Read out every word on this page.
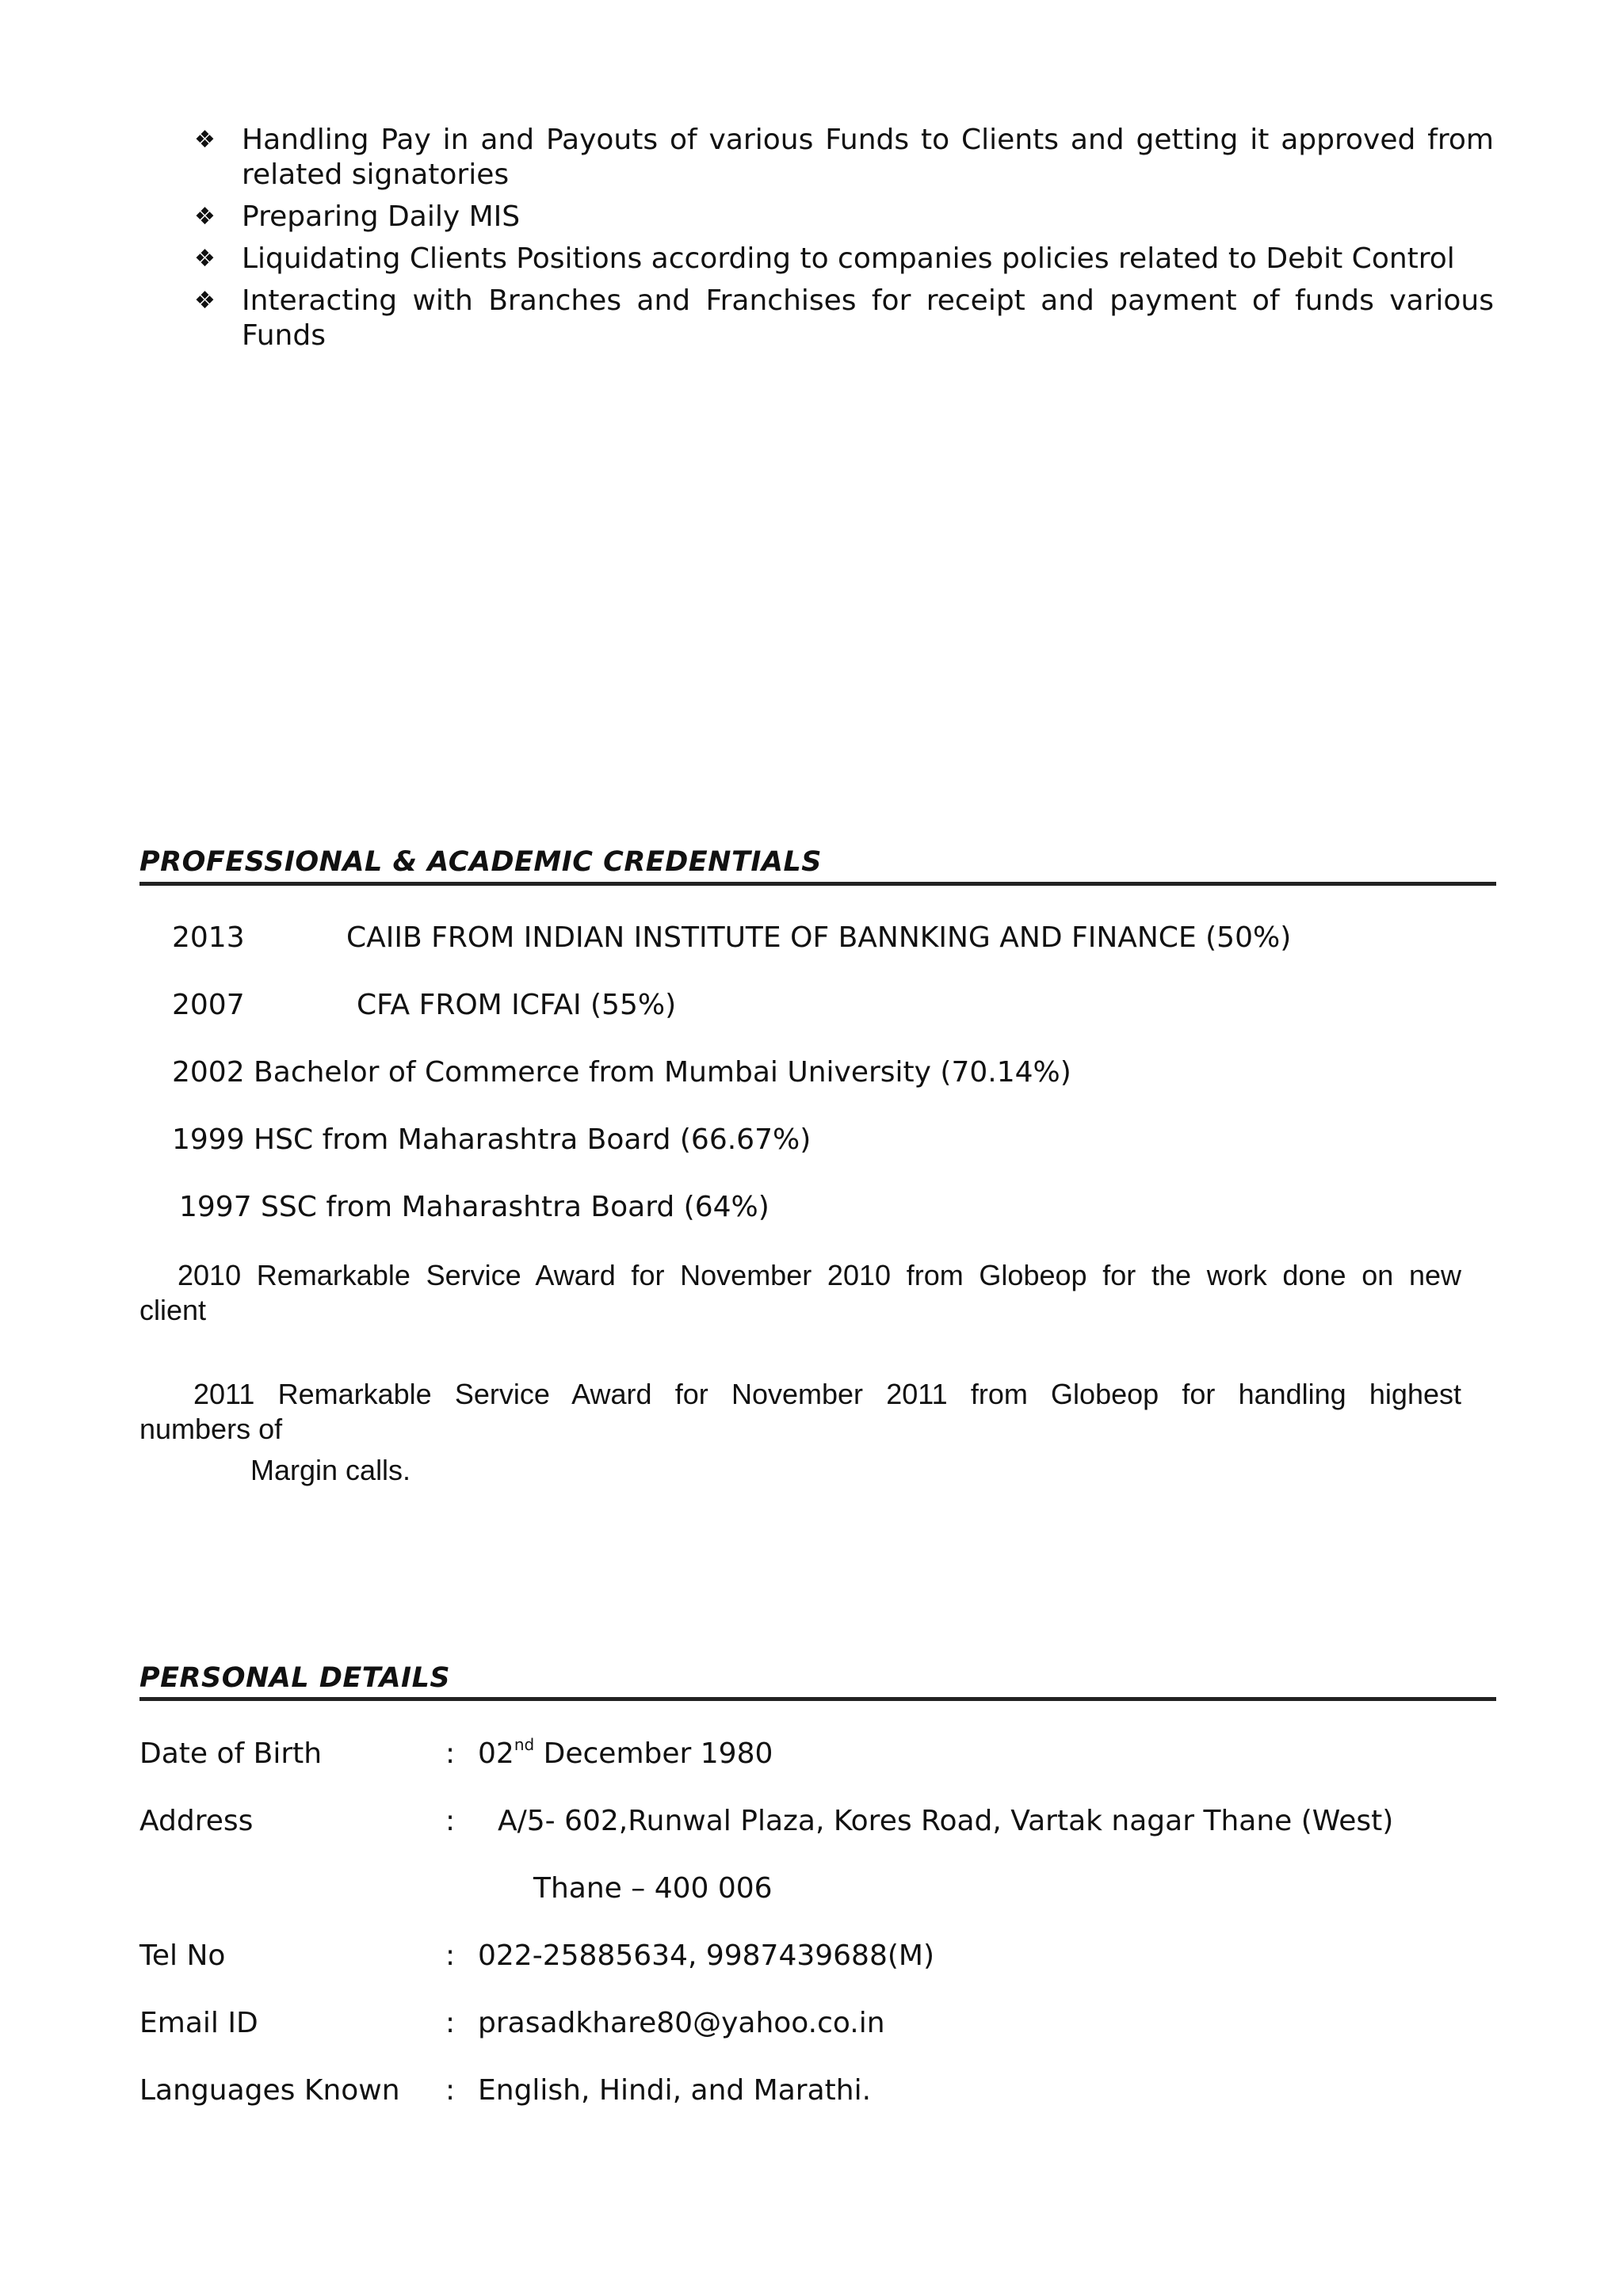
❖ Handling Pay in and Payouts of various Funds to Clients and getting it approved from related signatories
❖ Preparing Daily MIS
❖ Liquidating Clients Positions according to companies policies related to Debit Control
❖ Interacting with Branches and Franchises for receipt and payment of funds various Funds
PROFESSIONAL & ACADEMIC CREDENTIALS
2013	CAIIB FROM INDIAN INSTITUTE OF BANNKING AND FINANCE (50%)
2007	CFA FROM ICFAI (55%)
2002 Bachelor of Commerce from Mumbai University (70.14%)
1999 HSC from Maharashtra Board (66.67%)
1997 SSC from Maharashtra Board (64%)
2010 Remarkable Service Award for November 2010 from Globeop for the work done on new
client
2011 Remarkable Service Award for November 2011 from Globeop for handling highest
numbers of
Margin calls.
PERSONAL DETAILS
Date of Birth	: 02nd December 1980
Address	: A/5- 602,Runwal Plaza, Kores Road, Vartak nagar Thane (West)
Thane – 400 006
Tel No	: 022-25885634, 9987439688(M)
Email ID	: prasadkhare80@yahoo.co.in
Languages Known : English, Hindi, and Marathi.
